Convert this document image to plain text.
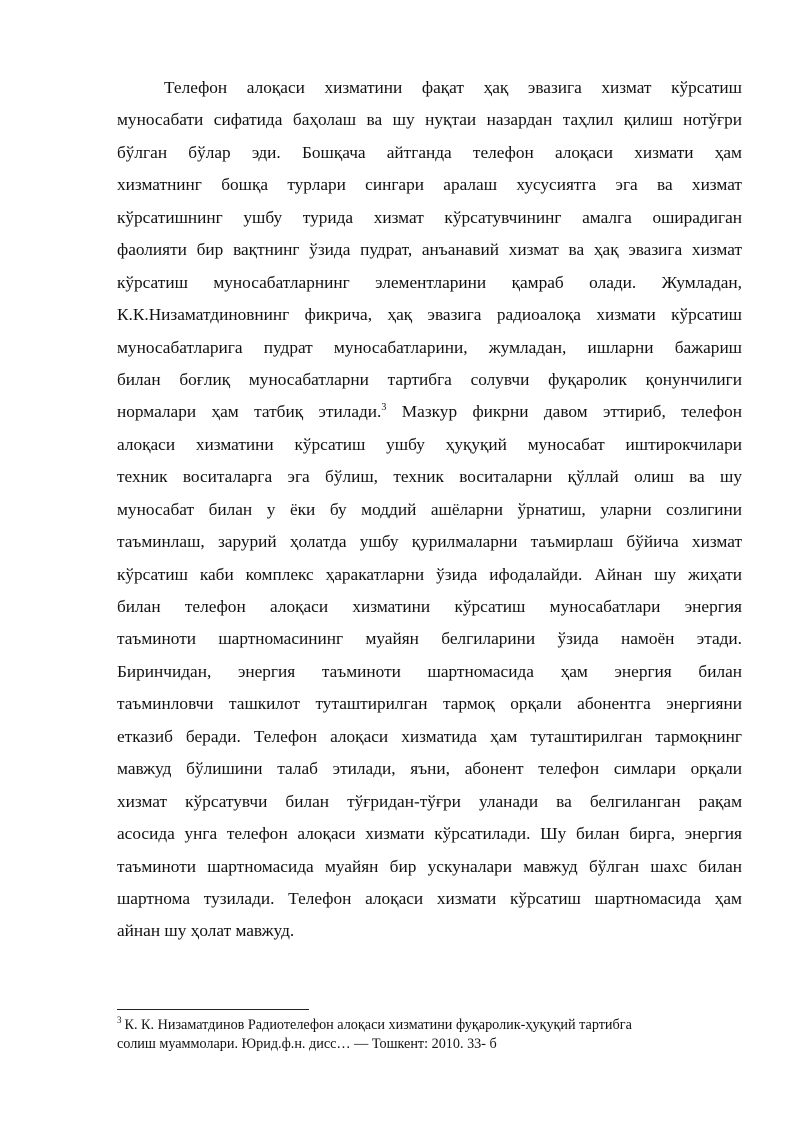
Телефон алоқаси хизматини фақат ҳақ эвазига хизмат кўрсатиш
муносабати сифатида баҳолаш ва шу нуқтаи назардан таҳлил қилиш нотўғри
бўлган бўлар эди. Бошқача айтганда телефон алоқаси хизмати ҳам
хизматнинг бошқа турлари сингари аралаш хусусиятга эга ва хизмат
кўрсатишнинг ушбу турида хизмат кўрсатувчининг амалга оширадиган
фаолияти бир вақтнинг ўзида пудрат, анъанавий хизмат ва ҳақ эвазига хизмат
кўрсатиш муносабатларнинг элементларини қамраб олади. Жумладан,
К.К.Низаматдиновнинг фикрича, ҳақ эвазига радиоалоқа хизмати кўрсатиш
муносабатларига пудрат муносабатларини, жумладан, ишларни бажариш
билан боғлиқ муносабатларни тартибга солувчи фуқаролик қонунчилиги
нормалари ҳам татбиқ этилади.$^3$ Мазкур фикрни давом эттириб, телефон
алоқаси хизматини кўрсатиш ушбу ҳуқуқий муносабат иштирокчилари
техник воситаларга эга бўлиш, техник воситаларни қўллай олиш ва шу
муносабат билан у ёки бу моддий ашёларни ўрнатиш, уларни созлигини
таъминлаш, зарурий ҳолатда ушбу қурилмаларни таъмирлаш бўйича хизмат
кўрсатиш каби комплекс ҳаракатларни ўзида ифодалайди. Айнан шу жиҳати
билан телефон алоқаси хизматини кўрсатиш муносабатлари энергия
таъминоти шартномасининг муайян белгиларини ўзида намоён этади.
Биринчидан, энергия таъминоти шартномасида ҳам энергия билан
таъминловчи ташкилот туташтирилган тармоқ орқали абонентга энергияни
етказиб беради. Телефон алоқаси хизматида ҳам туташтирилган тармоқнинг
мавжуд бўлишини талаб этилади, яъни, абонент телефон симлари орқали
хизмат кўрсатувчи билан тўғридан-тўғри уланади ва белгиланган рақам
асосида унга телефон алоқаси хизмати кўрсатилади. Шу билан бирга, энергия
таъминоти шартномасида муайян бир ускуналари мавжуд бўлган шахс билан
шартнома тузилади. Телефон алоқаси хизмати кўрсатиш шартномасида ҳам
айнан шу ҳолат мавжуд.
$^3$ К. К. Низаматдинов Радиотелефон алоқаси хизматини фуқаролик-ҳуқуқий тартибга
солиш муаммолари. Юрид.ф.н. дисс… — Тошкент: 2010. 33- б
